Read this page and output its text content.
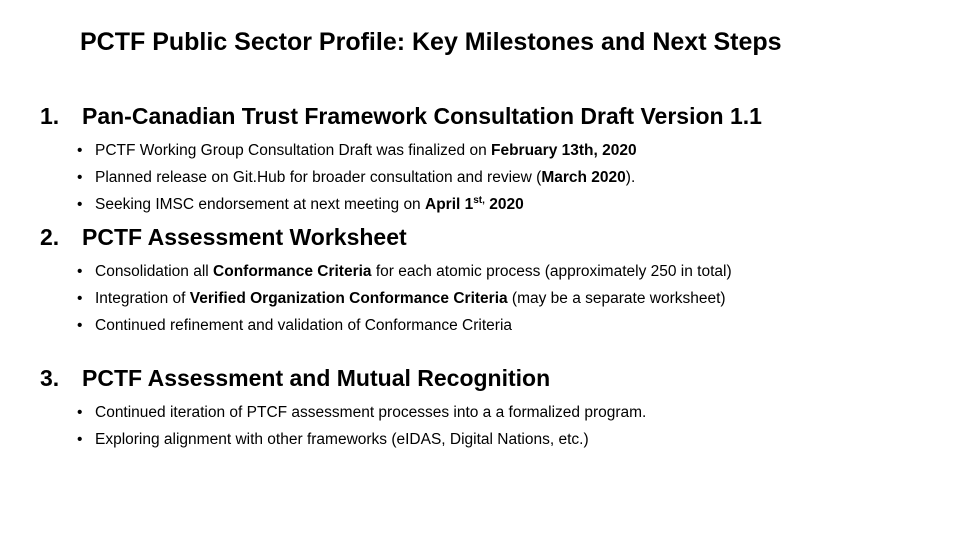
PCTF Public Sector Profile: Key Milestones and Next Steps
1. Pan-Canadian Trust Framework Consultation Draft Version 1.1
• PCTF Working Group Consultation Draft was finalized on February 13th, 2020
• Planned release on Git.Hub for broader consultation and review (March 2020).
• Seeking IMSC endorsement at next meeting on April $1^{st,}$ 2020
2. PCTF Assessment Worksheet
• Consolidation all Conformance Criteria for each atomic process (approximately 250 in total)
• Integration of Verified Organization Conformance Criteria (may be a separate worksheet)
• Continued refinement and validation of Conformance Criteria
3. PCTF Assessment and Mutual Recognition
• Continued iteration of PTCF assessment processes into a a formalized program.
• Exploring alignment with other frameworks (eIDAS, Digital Nations, etc.)
